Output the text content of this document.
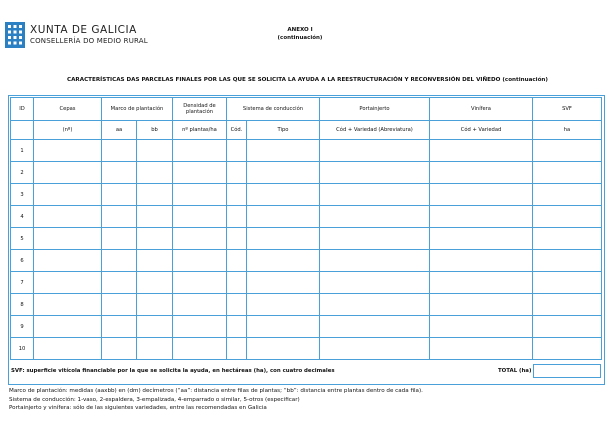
XUNTA DE GALICIA
CONSELLERÍA DO MEDIO RURAL
ANEXO I
(continuación)
CARACTERÍSTICAS DAS PARCELAS FINALES POR LAS QUE SE SOLICITA LA AYUDA A LA REESTRUCTURACIÓN Y RECONVERSIÓN DEL VIÑEDO (continuación)
ID	Cepas	Marco de plantación		Densidad de plantación	Sistema de conducción		Portainjerto	Vinífera	SVF
	(nº)	aa	bb	nº plantas/ha	Cód.	Tipo	Cód + Variedad (Abreviatura)	Cód + Variedad	ha
1									
2									
3									
4									
5									
6									
7									
8									
9									
10									
SVF: superficie vitícola financiable por la que se solicita la ayuda, en hectáreas (ha), con cuatro decimales	TOTAL (ha)
Marco de plantación: medidas (aaxbb) en (dm) decímetros (“aa”: distancia entre filas de plantas; “bb”: distancia entre plantas dentro de cada fila).
Sistema de conducción: 1-vaso, 2-espaldera, 3-empalizada, 4-emparrado o similar, 5-otros (especificar)
Portainjerto y vinífera: sólo de las siguientes variedades, entre las recomendadas en Galicia
